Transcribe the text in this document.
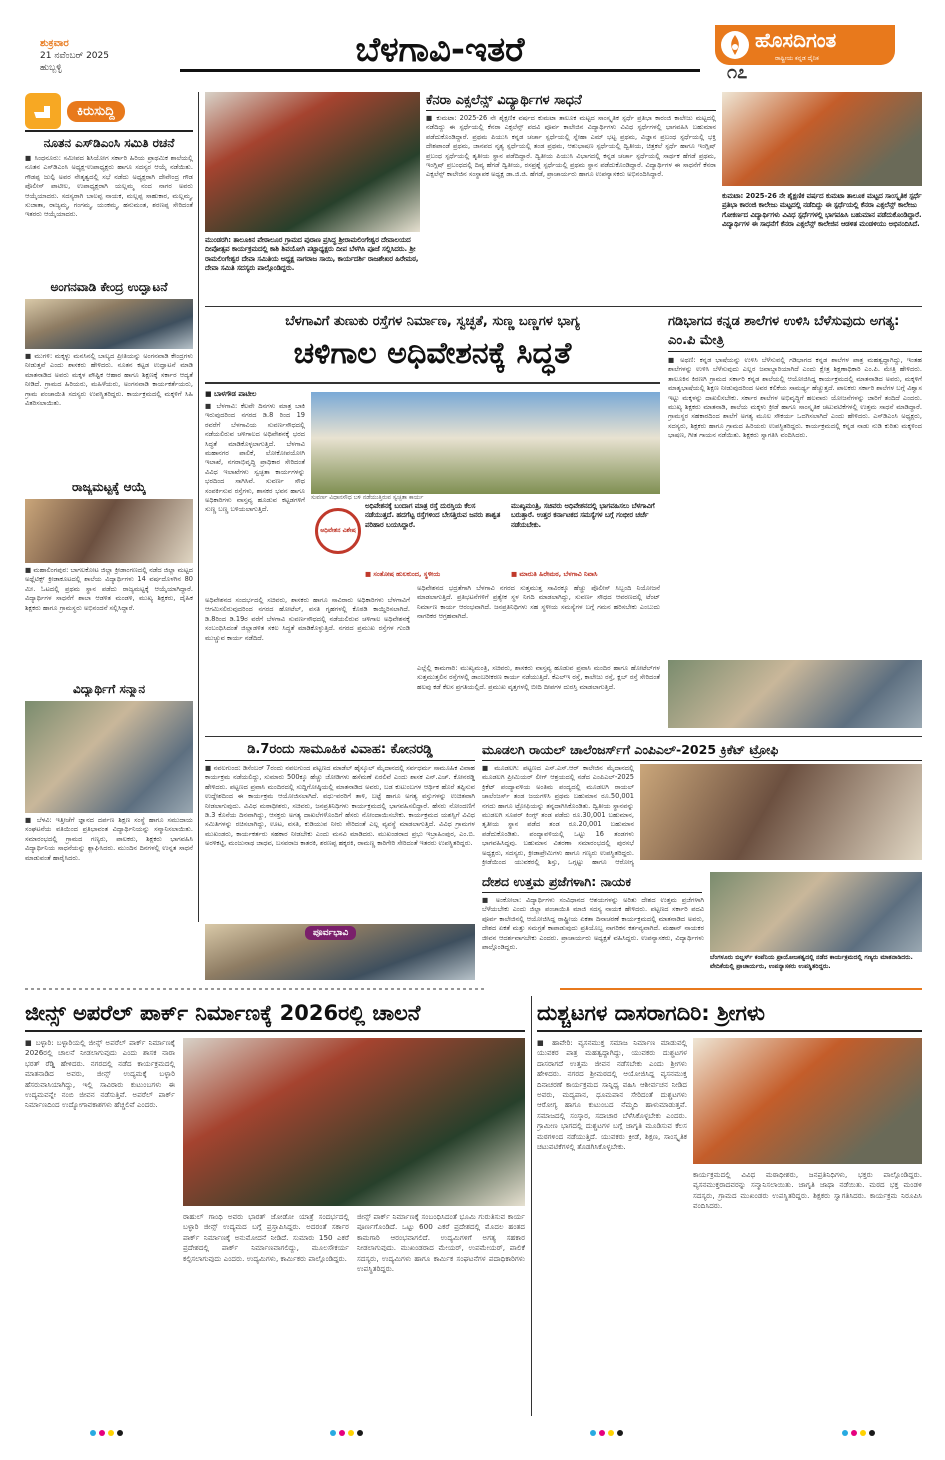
ಶುಕ್ರವಾರ
21 ನವೆಂಬರ್ 2025
ಹುಬ್ಬಳ್ಳಿ	ಬೆಳಗಾವಿ-ಇತರೆ	ಹೊಸದಿಗಂತ
ರಾಷ್ಟ್ರೀಯ ಕನ್ನಡ ದೈನಿಕ
೧೭
ಕಿರುಸುದ್ದಿ
ನೂತನ ಎಸ್‌ಡಿಎಂಸಿ ಸಮಿತಿ ರಚನೆ
■ ಸಿಂಧನೂರು: ಸಮೀಪದ ಶಿಸಿಯೋಗ ಸರ್ಕಾರಿ ಹಿರಿಯ ಪ್ರಾಥಮಿಕ ಶಾಲೆಯಲ್ಲಿ ನೂತನ ಎಸ್‌ಡಿಎಂಸಿ ಅಧ್ಯಕ್ಷ-ಉಪಾಧ್ಯಕ್ಷರು ಹಾಗೂ ಸದಸ್ಯರ ಆಯ್ಕೆ ನಡೆಯಿತು. ಗೌಡಪ್ಪ ಜುಲ್ಫಿ ಅವರ ನೇತೃತ್ವದಲ್ಲಿ ಸಭೆ ನಡೆದು ಅಧ್ಯಕ್ಷರಾಗಿ ದೇವೇಂದ್ರ ಗೌಡ ಪೊಲೀಸ್ ಪಾಟೀಲ, ಉಪಾಧ್ಯಕ್ಷರಾಗಿ ಯಲ್ಲಮ್ಮ ನಂದ ನಾಗರ ಅವರು ಆಯ್ಕೆಯಾದರು. ಸದಸ್ಯರಾಗಿ ಬಾಲಪ್ಪ ನಾಯಕ, ಮಲ್ಲಪ್ಪ ಸಾಹುಕಾರ, ಮಲ್ಲಮ್ಮ, ಸುಜಾತಾ, ರಾಜ್ಯಮ್ಮ, ಗಂಗಮ್ಮ, ಯಂಕಮ್ಮ, ಹನುಮಂತ, ಶರಣಪ್ಪ ಸೇರಿದಂತೆ ಇತರರು ಆಯ್ಕೆಯಾದರು.
ಅಂಗನವಾಡಿ ಕೇಂದ್ರ ಉದ್ಘಾಟನೆ
■ ಮುಗಳಿ: ಮಕ್ಕಳ್ಳು ಮನಸಿನಲ್ಲಿ ಬಾಲ್ಯದ ಪ್ರೀತಿಯನ್ನು ಅಂಗನವಾಡಿ ಕೇಂದ್ರಗಳು ನೀಡುತ್ತವೆ ಎಂದು ಶಾಸಕರು ಹೇಳಿದರು. ನೂತನ ಕಟ್ಟಡ ಉದ್ಘಾಟನೆ ಮಾಡಿ ಮಾತನಾಡಿದ ಅವರು ಮಕ್ಕಳ ಪೌಷ್ಟಿಕ ಆಹಾರ ಹಾಗೂ ಶಿಕ್ಷಣಕ್ಕೆ ಸರ್ಕಾರ ಆದ್ಯತೆ ನೀಡಿದೆ. ಗ್ರಾಮದ ಹಿರಿಯರು, ಮಹಿಳೆಯರು, ಅಂಗನವಾಡಿ ಕಾರ್ಯಕರ್ತೆಯರು, ಗ್ರಾಮ ಪಂಚಾಯಿತಿ ಸದಸ್ಯರು ಉಪಸ್ಥಿತರಿದ್ದರು. ಕಾರ್ಯಕ್ರಮದಲ್ಲಿ ಮಕ್ಕಳಿಗೆ ಸಿಹಿ ವಿತರಿಸಲಾಯಿತು.
ರಾಜ್ಯಮಟ್ಟಕ್ಕೆ ಆಯ್ಕೆ
■ ಮಹಾಲಿಂಗಪುರ: ಬಾಗಲಕೋಟ ಜಿಲ್ಲಾ ಕ್ರೀಡಾಂಗಣದಲ್ಲಿ ನಡೆದ ಜಿಲ್ಲಾ ಮಟ್ಟದ ಅಥ್ಲೆಟಿಕ್ಸ್ ಕ್ರೀಡಾಕೂಟದಲ್ಲಿ ಶಾಲೆಯ ವಿದ್ಯಾರ್ಥಿಗಳು 14 ವರ್ಷದೊಳಗಿನ 80 ಮೀ. ಓಟದಲ್ಲಿ ಪ್ರಥಮ ಸ್ಥಾನ ಪಡೆದು ರಾಜ್ಯಮಟ್ಟಕ್ಕೆ ಆಯ್ಕೆಯಾಗಿದ್ದಾರೆ. ವಿದ್ಯಾರ್ಥಿಗಳ ಸಾಧನೆಗೆ ಶಾಲಾ ಆಡಳಿತ ಮಂಡಳಿ, ಮುಖ್ಯ ಶಿಕ್ಷಕರು, ದೈಹಿಕ ಶಿಕ್ಷಕರು ಹಾಗೂ ಗ್ರಾಮಸ್ಥರು ಅಭಿನಂದನೆ ಸಲ್ಲಿಸಿದ್ದಾರೆ.
ವಿದ್ಯಾರ್ಥಿಗೆ ಸನ್ಮಾನ
■ ಬೆಳವಿ: ಇತ್ತೀಚೆಗೆ ಜ್ಞಾನದ ದರ್ಪಣ ಶಿಕ್ಷಣ ಸಂಸ್ಥೆ ಹಾಗೂ ಸಮುದಾಯ ಸಂಘಟನೆಯ ವತಿಯಿಂದ ಪ್ರತಿಭಾವಂತ ವಿದ್ಯಾರ್ಥಿನಿಯನ್ನು ಸನ್ಮಾನಿಸಲಾಯಿತು. ಸಮಾರಂಭದಲ್ಲಿ ಗ್ರಾಮದ ಗಣ್ಯರು, ಪಾಲಕರು, ಶಿಕ್ಷಕರು ಭಾಗವಹಿಸಿ ವಿದ್ಯಾರ್ಥಿನಿಯ ಸಾಧನೆಯನ್ನು ಶ್ಲಾಘಿಸಿದರು. ಮುಂದಿನ ದಿನಗಳಲ್ಲಿ ಉನ್ನತ ಸಾಧನೆ ಮಾಡುವಂತೆ ಹಾರೈಸಿದರು.
ಮುಂಡರಗಿ: ತಾಲೂಕಿನ ಪೇಠಾಲೂರ ಗ್ರಾಮದ ಪುರಾಣ ಪ್ರಸಿದ್ಧ ಶ್ರೀರಾಮಲಿಂಗೇಶ್ವರ ದೇವಾಲಯದ ದೀಪೋತ್ಸವ ಕಾರ್ಯಕ್ರಮದಲ್ಲಿ ಕಾಶಿ ಶಿವಯೋಗಿ ಪಟ್ಟಾಧ್ಯಕ್ಷರು ದೀಪ ಬೆಳಗಿಸಿ ಪೂಜೆ ಸಲ್ಲಿಸಿದರು. ಶ್ರೀ ರಾಮಲಿಂಗೇಶ್ವರ ದೇವಾ ಸಮಿತಿಯ ಅಧ್ಯಕ್ಷ ನಾಗರಾಜ ಸಾಯಿ, ಕಾರ್ಯದರ್ಶಿ ರಾಜಶೇಖರ ಹಿರೇಮಠ, ದೇವಾ ಸಮಿತಿ ಸದಸ್ಯರು ಪಾಲ್ಗೊಂಡಿದ್ದರು.
ಕೆನರಾ ಎಕ್ಸಲೆನ್ಸ್ ವಿದ್ಯಾರ್ಥಿಗಳ ಸಾಧನೆ
■ ಕುಮಟಾ: 2025-26 ನೇ ಶೈಕ್ಷಣಿಕ ವರ್ಷದ ಕುಮಟಾ ತಾಲೂಕ ಮಟ್ಟದ ಸಾಂಸ್ಕೃತಿಕ ಸ್ಪರ್ಧೆ ಪ್ರತಿಭಾ ಕಾರಂಜಿ ಕಾಲೇಜು ಮಟ್ಟದಲ್ಲಿ ನಡೆದಿದ್ದು ಈ ಸ್ಪರ್ಧೆಯಲ್ಲಿ ಕೆನರಾ ಎಕ್ಸಲೆನ್ಸ್ ಪದವಿ ಪೂರ್ವ ಕಾಲೇಜಿನ ವಿದ್ಯಾರ್ಥಿಗಳು ವಿವಿಧ ಸ್ಪರ್ಧೆಗಳಲ್ಲಿ ಭಾಗವಹಿಸಿ ಬಹುಮಾನ ಪಡೆದುಕೊಂಡಿದ್ದಾರೆ. ಪ್ರಥಮ ಪಿಯುಸಿ ಕನ್ನಡ ಚರ್ಚಾ ಸ್ಪರ್ಧೆಯಲ್ಲಿ ಸ್ನೇಹಾ ಎಮ್ ಭಟ್ಟ ಪ್ರಥಮ, ವಿಜ್ಞಾನ ಪ್ರಬಂಧ ಸ್ಪರ್ಧೆಯಲ್ಲಿ ಭಕ್ತಿ ದೇಶಪಾಂಡೆ ಪ್ರಥಮ, ಜಾನಪದ ನೃತ್ಯ ಸ್ಪರ್ಧೆಯಲ್ಲಿ ತಂಡ ಪ್ರಥಮ, ಆಶುಭಾಷಣ ಸ್ಪರ್ಧೆಯಲ್ಲಿ ದ್ವಿತೀಯ, ಚಿತ್ರಕಲೆ ಸ್ಪರ್ಧೆ ಹಾಗೂ ಇಂಗ್ಲಿಷ್ ಪ್ರಬಂಧ ಸ್ಪರ್ಧೆಯಲ್ಲಿ ತೃತೀಯ ಸ್ಥಾನ ಪಡೆದಿದ್ದಾರೆ. ದ್ವಿತೀಯ ಪಿಯುಸಿ ವಿಭಾಗದಲ್ಲಿ ಕನ್ನಡ ಚರ್ಚಾ ಸ್ಪರ್ಧೆಯಲ್ಲಿ ಸಾರ್ಥಕ ಹೆಗಡೆ ಪ್ರಥಮ, ಇಂಗ್ಲಿಷ್ ಪ್ರಬಂಧದಲ್ಲಿ ದಿವ್ಯ ಹೆಗಡೆ ದ್ವಿತೀಯ, ರಸಪ್ರಶ್ನೆ ಸ್ಪರ್ಧೆಯಲ್ಲಿ ಪ್ರಥಮ ಸ್ಥಾನ ಪಡೆದುಕೊಂಡಿದ್ದಾರೆ. ವಿದ್ಯಾರ್ಥಿಗಳ ಈ ಸಾಧನೆಗೆ ಕೆನರಾ ಎಕ್ಸಲೆನ್ಸ್ ಕಾಲೇಜಿನ ಸಂಸ್ಥಾಪಕ ಅಧ್ಯಕ್ಷ ಡಾ.ಜಿ.ಜಿ. ಹೆಗಡೆ, ಪ್ರಾಚಾರ್ಯರು ಹಾಗೂ ಉಪನ್ಯಾಸಕರು ಅಭಿನಂದಿಸಿದ್ದಾರೆ.
ಕುಮಟಾ: 2025-26 ನೇ ಶೈಕ್ಷಣಿಕ ವರ್ಷದ ಕುಮಟಾ ತಾಲೂಕ ಮಟ್ಟದ ಸಾಂಸ್ಕೃತಿಕ ಸ್ಪರ್ಧೆ ಪ್ರತಿಭಾ ಕಾರಂಜಿ ಕಾಲೇಜು ಮಟ್ಟದಲ್ಲಿ ನಡೆದಿದ್ದು ಈ ಸ್ಪರ್ಧೆಯಲ್ಲಿ ಕೆನರಾ ಎಕ್ಸಲೆನ್ಸ್ ಕಾಲೇಜು ಗೋಕರ್ಣದ ವಿದ್ಯಾರ್ಥಿಗಳು ವಿವಿಧ ಸ್ಪರ್ಧೆಗಳಲ್ಲಿ ಭಾಗವಹಿಸಿ ಬಹುಮಾನ ಪಡೆದುಕೊಂಡಿದ್ದಾರೆ. ವಿದ್ಯಾರ್ಥಿಗಳ ಈ ಸಾಧನೆಗೆ ಕೆನರಾ ಎಕ್ಸಲೆನ್ಸ್ ಕಾಲೇಜಿನ ಆಡಳಿತ ಮಂಡಳಿಯು ಅಭಿನಂದಿಸಿದೆ.
ಬೆಳಗಾವಿಗೆ ತುಣುಕು ರಸ್ತೆಗಳ ನಿರ್ಮಾಣ, ಸ್ವಚ್ಛತೆ, ಸುಣ್ಣ ಬಣ್ಣಗಳ ಭಾಗ್ಯ
ಚಳಿಗಾಲ ಅಧಿವೇಶನಕ್ಕೆ ಸಿದ್ಧತೆ
■ ಬಾಳಗೌಡ ಪಾಟೀಲ
■ ಬೆಳಗಾವಿ: ಕೆಲವೇ ದಿನಗಳು ಮಾತ್ರ ಬಾಕಿ ಇರುವುದರಿಂದ ನಗರದ ಡಿ.8 ರಿಂದ 19 ರವರೆಗೆ ಬೆಳಗಾವಿಯ ಸುವರ್ಣಸೌಧದಲ್ಲಿ ನಡೆಯಲಿರುವ ಚಳಿಗಾಲದ ಅಧಿವೇಶನಕ್ಕೆ ಭರದ ಸಿದ್ಧತೆ ಮಾಡಿಕೊಳ್ಳಲಾಗುತ್ತಿದೆ. ಬೆಳಗಾವಿ ಮಹಾನಗರ ಪಾಲಿಕೆ, ಲೋಕೋಪಯೋಗಿ ಇಲಾಖೆ, ನಗರಾಭಿವೃದ್ಧಿ ಪ್ರಾಧಿಕಾರ ಸೇರಿದಂತೆ ವಿವಿಧ ಇಲಾಖೆಗಳು ಸ್ವಚ್ಛತಾ ಕಾರ್ಯಗಳನ್ನು ಭರದಿಂದ ಸಾಗಿಸಿವೆ. ಸುವರ್ಣ ಸೌಧ ಸಂಪರ್ಕಿಸುವ ರಸ್ತೆಗಳು, ಶಾಸಕರ ಭವನ ಹಾಗೂ ಅಧಿಕಾರಿಗಳು ವಾಸ್ತವ್ಯ ಹೂಡುವ ಕಟ್ಟಡಗಳಿಗೆ ಸುಣ್ಣ ಬಣ್ಣ ಬಳಿಯಲಾಗುತ್ತಿದೆ.
ಅಧಿವೇಶನದ ಸಂದರ್ಭದಲ್ಲಿ ಸಚಿವರು, ಶಾಸಕರು ಹಾಗೂ ಸಾವಿರಾರು ಅಧಿಕಾರಿಗಳು ಬೆಳಗಾವಿಗೆ ಆಗಮಿಸಲಿರುವುದರಿಂದ ನಗರದ ಹೋಟೆಲ್, ವಸತಿ ಗೃಹಗಳಲ್ಲಿ ಕೊಠಡಿ ಕಾಯ್ದಿರಿಸಲಾಗಿದೆ. ಡಿ.8ರಿಂದ ಡಿ.19ರ ವರೆಗೆ ಬೆಳಗಾವಿ ಸುವರ್ಣಸೌಧದಲ್ಲಿ ನಡೆಯಲಿರುವ ಚಳಿಗಾಲ ಅಧಿವೇಶನಕ್ಕೆ ಸಂಬಂಧಿಸಿದಂತೆ ಜಿಲ್ಲಾಡಳಿತ ಸಕಲ ಸಿದ್ಧತೆ ಮಾಡಿಕೊಳ್ಳುತ್ತಿದೆ. ನಗರದ ಪ್ರಮುಖ ರಸ್ತೆಗಳ ಗುಂಡಿ ಮುಚ್ಚುವ ಕಾರ್ಯ ನಡೆದಿದೆ.
ಅಧಿವೇಶನ ವಿಶೇಷ
ಅಧಿವೇಶನಕ್ಕೆ ಬಂದಾಗ ಮಾತ್ರ ರಸ್ತೆ ದುರಸ್ತಿಯ ಕೆಲಸ ನಡೆಯುತ್ತದೆ. ಹದಗೆಟ್ಟ ರಸ್ತೆಗಳಿಂದ ಬೇಸತ್ತಿರುವ ಜನರು ಶಾಶ್ವತ ಪರಿಹಾರ ಬಯಸಿದ್ದಾರೆ.
■ ಸಂತೋಷ ಹುಲಕುಂದ, ಸ್ಥಳೀಯ
ಮುಖ್ಯಮಂತ್ರಿ, ಸಚಿವರು ಅಧಿವೇಶನದಲ್ಲಿ ಭಾಗವಹಿಸಲು ಬೆಳಗಾವಿಗೆ ಬರುತ್ತಾರೆ. ಉತ್ತರ ಕರ್ನಾಟಕದ ಸಮಸ್ಯೆಗಳ ಬಗ್ಗೆ ಗಂಭೀರ ಚರ್ಚೆ ನಡೆಯಬೇಕು.
■ ಮಾರುತಿ ಹಿರೇಮಠ, ಬೆಳಗಾವಿ ನಿವಾಸಿ
ಸುವರ್ಣ ವಿಧಾನಸೌಧ ಬಳಿ ನಡೆಯುತ್ತಿರುವ ಸ್ವಚ್ಛತಾ ಕಾರ್ಯ
ಅಧಿವೇಶನದ ಭದ್ರತೆಗಾಗಿ ಬೆಳಗಾವಿ ನಗರದ ಸುತ್ತಮುತ್ತ ಸಾವಿರಕ್ಕೂ ಹೆಚ್ಚು ಪೊಲೀಸ್ ಸಿಬ್ಬಂದಿ ನಿಯೋಜನೆ ಮಾಡಲಾಗುತ್ತಿದೆ. ಪ್ರತಿಭಟನೆಗಳಿಗೆ ಪ್ರತ್ಯೇಕ ಸ್ಥಳ ನಿಗದಿ ಮಾಡಲಾಗಿದ್ದು, ಸುವರ್ಣ ಸೌಧದ ಆವರಣದಲ್ಲಿ ಟೆಂಟ್ ನಿರ್ಮಾಣ ಕಾರ್ಯ ಆರಂಭವಾಗಿದೆ. ಜನಪ್ರತಿನಿಧಿಗಳು ಸಹ ಸ್ಥಳೀಯ ಸಮಸ್ಯೆಗಳ ಬಗ್ಗೆ ಗಮನ ಹರಿಸಬೇಕು ಎಂಬುದು ನಾಗರಿಕರ ಆಗ್ರಹವಾಗಿದೆ.
ಎಲ್ಲೆಲ್ಲಿ ಕಾಮಗಾರಿ: ಮುಖ್ಯಮಂತ್ರಿ, ಸಚಿವರು, ಶಾಸಕರು ವಾಸ್ತವ್ಯ ಹೂಡುವ ಪ್ರವಾಸಿ ಮಂದಿರ ಹಾಗೂ ಹೋಟೆಲ್‌ಗಳ ಸುತ್ತಮುತ್ತಲಿನ ರಸ್ತೆಗಳಲ್ಲಿ ಡಾಂಬರೀಕರಣ ಕಾರ್ಯ ನಡೆಯುತ್ತಿದೆ. ಕೆಎಲ್‌ಇ ರಸ್ತೆ, ಕಾಲೇಜು ರಸ್ತೆ, ಕ್ಲಬ್ ರಸ್ತೆ ಸೇರಿದಂತೆ ಹಲವು ಕಡೆ ಕೆಲಸ ಪ್ರಗತಿಯಲ್ಲಿದೆ. ಪ್ರಮುಖ ವೃತ್ತಗಳಲ್ಲಿ ಬೀದಿ ದೀಪಗಳ ದುರಸ್ತಿ ಮಾಡಲಾಗುತ್ತಿದೆ.
ಗಡಿಭಾಗದ ಕನ್ನಡ ಶಾಲೆಗಳ ಉಳಿಸಿ ಬೆಳೆಸುವುದು ಅಗತ್ಯ: ಎಂ.ಪಿ ಮೇತ್ರಿ
■ ಅಥಣಿ: ಕನ್ನಡ ಭಾಷೆಯನ್ನು ಉಳಿಸಿ ಬೆಳೆಸುವಲ್ಲಿ ಗಡಿಭಾಗದ ಕನ್ನಡ ಶಾಲೆಗಳ ಪಾತ್ರ ಮಹತ್ವದ್ದಾಗಿದ್ದು, ಇಂತಹ ಶಾಲೆಗಳನ್ನು ಉಳಿಸಿ ಬೆಳೆಸುವುದು ಎಲ್ಲರ ಜವಾಬ್ದಾರಿಯಾಗಿದೆ ಎಂದು ಕ್ಷೇತ್ರ ಶಿಕ್ಷಣಾಧಿಕಾರಿ ಎಂ.ಪಿ. ಮೇತ್ರಿ ಹೇಳಿದರು. ತಾಲೂಕಿನ ಕಿರಣಗಿ ಗ್ರಾಮದ ಸರ್ಕಾರಿ ಕನ್ನಡ ಶಾಲೆಯಲ್ಲಿ ಆಯೋಜಿಸಿದ್ದ ಕಾರ್ಯಕ್ರಮದಲ್ಲಿ ಮಾತನಾಡಿದ ಅವರು, ಮಕ್ಕಳಿಗೆ ಮಾತೃಭಾಷೆಯಲ್ಲಿ ಶಿಕ್ಷಣ ನೀಡುವುದರಿಂದ ಅವರ ಕಲಿಕೆಯ ಸಾಮರ್ಥ್ಯ ಹೆಚ್ಚುತ್ತದೆ. ಪಾಲಕರು ಸರ್ಕಾರಿ ಶಾಲೆಗಳ ಬಗ್ಗೆ ವಿಶ್ವಾಸ ಇಟ್ಟು ಮಕ್ಕಳನ್ನು ದಾಖಲಿಸಬೇಕು. ಸರ್ಕಾರ ಶಾಲೆಗಳ ಅಭಿವೃದ್ಧಿಗೆ ಹಲವಾರು ಯೋಜನೆಗಳನ್ನು ಜಾರಿಗೆ ತಂದಿದೆ ಎಂದರು. ಮುಖ್ಯ ಶಿಕ್ಷಕರು ಮಾತನಾಡಿ, ಶಾಲೆಯ ಮಕ್ಕಳು ಕ್ರೀಡೆ ಹಾಗೂ ಸಾಂಸ್ಕೃತಿಕ ಚಟುವಟಿಕೆಗಳಲ್ಲಿ ಉತ್ತಮ ಸಾಧನೆ ಮಾಡಿದ್ದಾರೆ. ಗ್ರಾಮಸ್ಥರ ಸಹಕಾರದಿಂದ ಶಾಲೆಗೆ ಅಗತ್ಯ ಮೂಲ ಸೌಕರ್ಯ ಒದಗಿಸಲಾಗಿದೆ ಎಂದು ಹೇಳಿದರು. ಎಸ್‌ಡಿಎಂಸಿ ಅಧ್ಯಕ್ಷರು, ಸದಸ್ಯರು, ಶಿಕ್ಷಕರು ಹಾಗೂ ಗ್ರಾಮದ ಹಿರಿಯರು ಉಪಸ್ಥಿತರಿದ್ದರು. ಕಾರ್ಯಕ್ರಮದಲ್ಲಿ ಕನ್ನಡ ನಾಡು ನುಡಿ ಕುರಿತು ಮಕ್ಕಳಿಂದ ಭಾಷಣ, ಗೀತ ಗಾಯನ ನಡೆಯಿತು. ಶಿಕ್ಷಕರು ಸ್ವಾಗತಿಸಿ ವಂದಿಸಿದರು.
ಡಿ.7ರಂದು ಸಾಮೂಹಿಕ ವಿವಾಹ: ಕೋನರಡ್ಡಿ
■ ನವಲಗುಂದ: ಡಿಸೆಂಬರ್ 7ರಂದು ನವಲಗುಂದ ಪಟ್ಟಣದ ಮಾಡೆಲ್ ಹೈಸ್ಕೂಲ್ ಮೈದಾನದಲ್ಲಿ ಸರ್ವಧರ್ಮ ಸಾಮೂಹಿಕ ವಿವಾಹ ಕಾರ್ಯಕ್ರಮ ನಡೆಯಲಿದ್ದು, ಸುಮಾರು 500ಕ್ಕೂ ಹೆಚ್ಚು ಜೋಡಿಗಳು ಹಸೆಮಣೆ ಏರಲಿವೆ ಎಂದು ಶಾಸಕ ಎನ್.ಎಚ್. ಕೋನರಡ್ಡಿ ಹೇಳಿದರು. ಪಟ್ಟಣದ ಪ್ರವಾಸಿ ಮಂದಿರದಲ್ಲಿ ಸುದ್ದಿಗೋಷ್ಠಿಯಲ್ಲಿ ಮಾತನಾಡಿದ ಅವರು, ಬಡ ಕುಟುಂಬಗಳ ಆರ್ಥಿಕ ಹೊರೆ ತಪ್ಪಿಸುವ ಉದ್ದೇಶದಿಂದ ಈ ಕಾರ್ಯಕ್ರಮ ಆಯೋಜಿಸಲಾಗಿದೆ. ವಧು-ವರರಿಗೆ ತಾಳಿ, ಬಟ್ಟೆ ಹಾಗೂ ಅಗತ್ಯ ವಸ್ತುಗಳನ್ನು ಉಚಿತವಾಗಿ ನೀಡಲಾಗುವುದು. ವಿವಿಧ ಮಠಾಧೀಶರು, ಸಚಿವರು, ಜನಪ್ರತಿನಿಧಿಗಳು ಕಾರ್ಯಕ್ರಮದಲ್ಲಿ ಭಾಗವಹಿಸಲಿದ್ದಾರೆ. ಹೆಸರು ನೋಂದಣಿಗೆ ಡಿ.3 ಕೊನೆಯ ದಿನವಾಗಿದ್ದು, ಆಸಕ್ತರು ಅಗತ್ಯ ದಾಖಲೆಗಳೊಂದಿಗೆ ಹೆಸರು ನೋಂದಾಯಿಸಬೇಕು. ಕಾರ್ಯಕ್ರಮದ ಯಶಸ್ಸಿಗೆ ವಿವಿಧ ಸಮಿತಿಗಳನ್ನು ರಚಿಸಲಾಗಿದ್ದು, ಊಟ, ವಸತಿ, ಕುಡಿಯುವ ನೀರು ಸೇರಿದಂತೆ ಎಲ್ಲ ವ್ಯವಸ್ಥೆ ಮಾಡಲಾಗುತ್ತಿದೆ. ವಿವಿಧ ಗ್ರಾಮಗಳ ಮುಖಂಡರು, ಕಾರ್ಯಕರ್ತರು ಸಹಕಾರ ನೀಡಬೇಕು ಎಂದು ಮನವಿ ಮಾಡಿದರು. ಮುಖಂಡರಾದ ಪ್ರಭು ಇಬ್ರಾಹಿಂಪುರ, ಎಂ.ಬಿ. ಅರಳಿಕಟ್ಟಿ, ಮಂಜುನಾಥ ಜಾಧವ, ಬಸವರಾಜ ಕಾತರಕಿ, ಶರಣಪ್ಪ ಹಕ್ಕರಕಿ, ರಾಮಣ್ಣ ಕಾರಿಗೇರಿ ಸೇರಿದಂತೆ ಇತರರು ಉಪಸ್ಥಿತರಿದ್ದರು.
ಪೂರ್ವಭಾವಿ
ಮೂಡಲಗಿ ರಾಯಲ್ ಚಾಲೆಂಜರ್ಸ್‌ಗೆ ಎಂಪಿಎಲ್-2025 ಕ್ರಿಕೆಟ್ ಟ್ರೋಫಿ
■ ಮೂಡಲಗಿ: ಪಟ್ಟಣದ ಎಸ್.ಎಸ್.ಆರ್ ಕಾಲೇಜಿನ ಮೈದಾನದಲ್ಲಿ ಮೂಡಲಗಿ ಪ್ರೀಮಿಯರ್ ಲೀಗ್ ಆಶ್ರಯದಲ್ಲಿ ನಡೆದ ಎಂಪಿಎಲ್-2025 ಕ್ರಿಕೆಟ್ ಪಂದ್ಯಾವಳಿಯ ಅಂತಿಮ ಪಂದ್ಯದಲ್ಲಿ ಮೂಡಲಗಿ ರಾಯಲ್ ಚಾಲೆಂಜರ್ಸ್ ತಂಡ ಜಯಗಳಿಸಿ ಪ್ರಥಮ ಬಹುಮಾನ ರೂ.50,001 ನಗದು ಹಾಗೂ ಟ್ರೋಫಿಯನ್ನು ತನ್ನದಾಗಿಸಿಕೊಂಡಿತು. ದ್ವಿತೀಯ ಸ್ಥಾನವನ್ನು ಮುಡಲಗಿ ಸೂಪರ್ ಕಿಂಗ್ಸ್ ತಂಡ ಪಡೆದು ರೂ.30,001 ಬಹುಮಾನ, ತೃತೀಯ ಸ್ಥಾನ ಪಡೆದ ತಂಡ ರೂ.20,001 ಬಹುಮಾನ ಪಡೆದುಕೊಂಡಿತು. ಪಂದ್ಯಾವಳಿಯಲ್ಲಿ ಒಟ್ಟು 16 ತಂಡಗಳು ಭಾಗವಹಿಸಿದ್ದವು. ಬಹುಮಾನ ವಿತರಣಾ ಸಮಾರಂಭದಲ್ಲಿ ಪುರಸಭೆ ಅಧ್ಯಕ್ಷರು, ಸದಸ್ಯರು, ಕ್ರೀಡಾಪ್ರೇಮಿಗಳು ಹಾಗೂ ಗಣ್ಯರು ಉಪಸ್ಥಿತರಿದ್ದರು. ಕ್ರೀಡೆಯಿಂದ ಯುವಕರಲ್ಲಿ ಶಿಸ್ತು, ಒಗ್ಗಟ್ಟು ಹಾಗೂ ಆರೋಗ್ಯ
ದೇಶದ ಉತ್ತಮ ಪ್ರಜೆಗಳಾಗಿ: ನಾಯಕ
■ ಅಂಕೋಲಾ: ವಿದ್ಯಾರ್ಥಿಗಳು ಸಂವಿಧಾನದ ಆಶಯಗಳನ್ನು ಅರಿತು ದೇಶದ ಉತ್ತಮ ಪ್ರಜೆಗಳಾಗಿ ಬೆಳೆಯಬೇಕು ಎಂದು ಜಿಲ್ಲಾ ಪಂಚಾಯಿತಿ ಮಾಜಿ ಸದಸ್ಯ ನಾಯಕ ಹೇಳಿದರು. ಪಟ್ಟಣದ ಸರ್ಕಾರಿ ಪದವಿ ಪೂರ್ವ ಕಾಲೇಜಿನಲ್ಲಿ ಆಯೋಜಿಸಿದ್ದ ರಾಷ್ಟ್ರೀಯ ಏಕತಾ ದಿನಾಚರಣೆ ಕಾರ್ಯಕ್ರಮದಲ್ಲಿ ಮಾತನಾಡಿದ ಅವರು, ದೇಶದ ಏಕತೆ ಮತ್ತು ಸಮಗ್ರತೆ ಕಾಪಾಡುವುದು ಪ್ರತಿಯೊಬ್ಬ ನಾಗರಿಕನ ಕರ್ತವ್ಯವಾಗಿದೆ. ಮಹಾನ್ ನಾಯಕರ ಜೀವನ ಆದರ್ಶವಾಗಬೇಕು ಎಂದರು. ಪ್ರಾಚಾರ್ಯರು ಅಧ್ಯಕ್ಷತೆ ವಹಿಸಿದ್ದರು. ಉಪನ್ಯಾಸಕರು, ವಿದ್ಯಾರ್ಥಿಗಳು ಪಾಲ್ಗೊಂಡಿದ್ದರು.
ಬೆಂಗಳೂರು ಬಿಲ್ಡರ್ಸ್ ಕಂಪೆನಿಯ ಪ್ರಾಯೋಜಕತ್ವದಲ್ಲಿ ನಡೆದ ಕಾರ್ಯಕ್ರಮದಲ್ಲಿ ಗಣ್ಯರು ಮಾತನಾಡಿದರು. ವೇದಿಕೆಯಲ್ಲಿ ಪ್ರಾಚಾರ್ಯರು, ಉಪನ್ಯಾಸಕರು ಉಪಸ್ಥಿತರಿದ್ದರು.
ಜೀನ್ಸ್ ಅಪರೆಲ್ ಪಾರ್ಕ್ ನಿರ್ಮಾಣಕ್ಕೆ 2026ರಲ್ಲಿ ಚಾಲನೆ
■ ಬಳ್ಳಾರಿ: ಬಳ್ಳಾರಿಯಲ್ಲಿ ಜೀನ್ಸ್ ಅಪರೆಲ್ ಪಾರ್ಕ್ ನಿರ್ಮಾಣಕ್ಕೆ 2026ರಲ್ಲಿ ಚಾಲನೆ ನೀಡಲಾಗುವುದು ಎಂದು ಶಾಸಕ ನಾರಾ ಭರತ್ ರೆಡ್ಡಿ ಹೇಳಿದರು. ನಗರದಲ್ಲಿ ನಡೆದ ಕಾರ್ಯಕ್ರಮದಲ್ಲಿ ಮಾತನಾಡಿದ ಅವರು, ಜೀನ್ಸ್ ಉದ್ಯಮಕ್ಕೆ ಬಳ್ಳಾರಿ ಹೆಸರುವಾಸಿಯಾಗಿದ್ದು, ಇಲ್ಲಿ ಸಾವಿರಾರು ಕುಟುಂಬಗಳು ಈ ಉದ್ಯಮವನ್ನೇ ನಂಬಿ ಜೀವನ ನಡೆಸುತ್ತಿವೆ. ಅಪರೆಲ್ ಪಾರ್ಕ್ ನಿರ್ಮಾಣದಿಂದ ಉದ್ಯೋಗಾವಕಾಶಗಳು ಹೆಚ್ಚಲಿವೆ ಎಂದರು.
ರಾಹುಲ್ ಗಾಂಧಿ ಅವರು ಭಾರತ್ ಜೋಡೋ ಯಾತ್ರೆ ಸಂದರ್ಭದಲ್ಲಿ ಬಳ್ಳಾರಿ ಜೀನ್ಸ್ ಉದ್ಯಮದ ಬಗ್ಗೆ ಪ್ರಸ್ತಾಪಿಸಿದ್ದರು. ಅದರಂತೆ ಸರ್ಕಾರ ಪಾರ್ಕ್ ನಿರ್ಮಾಣಕ್ಕೆ ಅನುಮೋದನೆ ನೀಡಿದೆ. ಸುಮಾರು 150 ಎಕರೆ ಪ್ರದೇಶದಲ್ಲಿ ಪಾರ್ಕ್ ನಿರ್ಮಾಣವಾಗಲಿದ್ದು, ಮೂಲಸೌಕರ್ಯ ಕಲ್ಪಿಸಲಾಗುವುದು ಎಂದರು. ಉದ್ಯಮಿಗಳು, ಕಾರ್ಮಿಕರು ಪಾಲ್ಗೊಂಡಿದ್ದರು.
ಜೀನ್ಸ್ ಪಾರ್ಕ್ ನಿರ್ಮಾಣಕ್ಕೆ ಸಂಬಂಧಿಸಿದಂತೆ ಭೂಮಿ ಗುರುತಿಸುವ ಕಾರ್ಯ ಪೂರ್ಣಗೊಂಡಿದೆ. ಒಟ್ಟು 600 ಎಕರೆ ಪ್ರದೇಶದಲ್ಲಿ ಮೊದಲ ಹಂತದ ಕಾಮಗಾರಿ ಆರಂಭವಾಗಲಿದೆ. ಉದ್ಯಮಿಗಳಿಗೆ ಅಗತ್ಯ ಸಹಕಾರ ನೀಡಲಾಗುವುದು. ಮುಖಂಡರಾದ ಮೇಯರ್, ಉಪಮೇಯರ್, ಪಾಲಿಕೆ ಸದಸ್ಯರು, ಉದ್ಯಮಿಗಳು ಹಾಗೂ ಕಾರ್ಮಿಕ ಸಂಘಟನೆಗಳ ಪದಾಧಿಕಾರಿಗಳು ಉಪಸ್ಥಿತರಿದ್ದರು.
ದುಶ್ಚಟಗಳ ದಾಸರಾಗದಿರಿ: ಶ್ರೀಗಳು
■ ಹಾವೇರಿ: ವ್ಯಸನಮುಕ್ತ ಸಮಾಜ ನಿರ್ಮಾಣ ಮಾಡುವಲ್ಲಿ ಯುವಕರ ಪಾತ್ರ ಮಹತ್ವದ್ದಾಗಿದ್ದು, ಯುವಕರು ದುಶ್ಚಟಗಳ ದಾಸರಾಗದೆ ಉತ್ತಮ ಜೀವನ ನಡೆಸಬೇಕು ಎಂದು ಶ್ರೀಗಳು ಹೇಳಿದರು. ನಗರದ ಶ್ರೀಮಠದಲ್ಲಿ ಆಯೋಜಿಸಿದ್ದ ವ್ಯಸನಮುಕ್ತ ದಿನಾಚರಣೆ ಕಾರ್ಯಕ್ರಮದ ಸಾನ್ನಿಧ್ಯ ವಹಿಸಿ ಆಶೀರ್ವಚನ ನೀಡಿದ ಅವರು, ಮದ್ಯಪಾನ, ಧೂಮಪಾನ ಸೇರಿದಂತೆ ದುಶ್ಚಟಗಳು ಆರೋಗ್ಯ ಹಾಗೂ ಕುಟುಂಬದ ನೆಮ್ಮದಿ ಹಾಳುಮಾಡುತ್ತವೆ. ಸಮಾಜದಲ್ಲಿ ಸಂಸ್ಕಾರ, ಸದಾಚಾರ ಬೆಳೆಸಿಕೊಳ್ಳಬೇಕು ಎಂದರು. ಗ್ರಾಮೀಣ ಭಾಗದಲ್ಲಿ ದುಶ್ಚಟಗಳ ಬಗ್ಗೆ ಜಾಗೃತಿ ಮೂಡಿಸುವ ಕೆಲಸ ಮಠಗಳಿಂದ ನಡೆಯುತ್ತಿದೆ. ಯುವಕರು ಕ್ರೀಡೆ, ಶಿಕ್ಷಣ, ಸಾಂಸ್ಕೃತಿಕ ಚಟುವಟಿಕೆಗಳಲ್ಲಿ ತೊಡಗಿಸಿಕೊಳ್ಳಬೇಕು.
ಕಾರ್ಯಕ್ರಮದಲ್ಲಿ ವಿವಿಧ ಮಠಾಧೀಶರು, ಜನಪ್ರತಿನಿಧಿಗಳು, ಭಕ್ತರು ಪಾಲ್ಗೊಂಡಿದ್ದರು. ವ್ಯಸನಮುಕ್ತರಾದವರನ್ನು ಸನ್ಮಾನಿಸಲಾಯಿತು. ಜಾಗೃತಿ ಜಾಥಾ ನಡೆಯಿತು. ಮಠದ ಭಕ್ತ ಮಂಡಳಿ ಸದಸ್ಯರು, ಗ್ರಾಮದ ಮುಖಂಡರು ಉಪಸ್ಥಿತರಿದ್ದರು. ಶಿಕ್ಷಕರು ಸ್ವಾಗತಿಸಿದರು. ಕಾರ್ಯಕ್ರಮ ನಿರೂಪಿಸಿ ವಂದಿಸಿದರು.
